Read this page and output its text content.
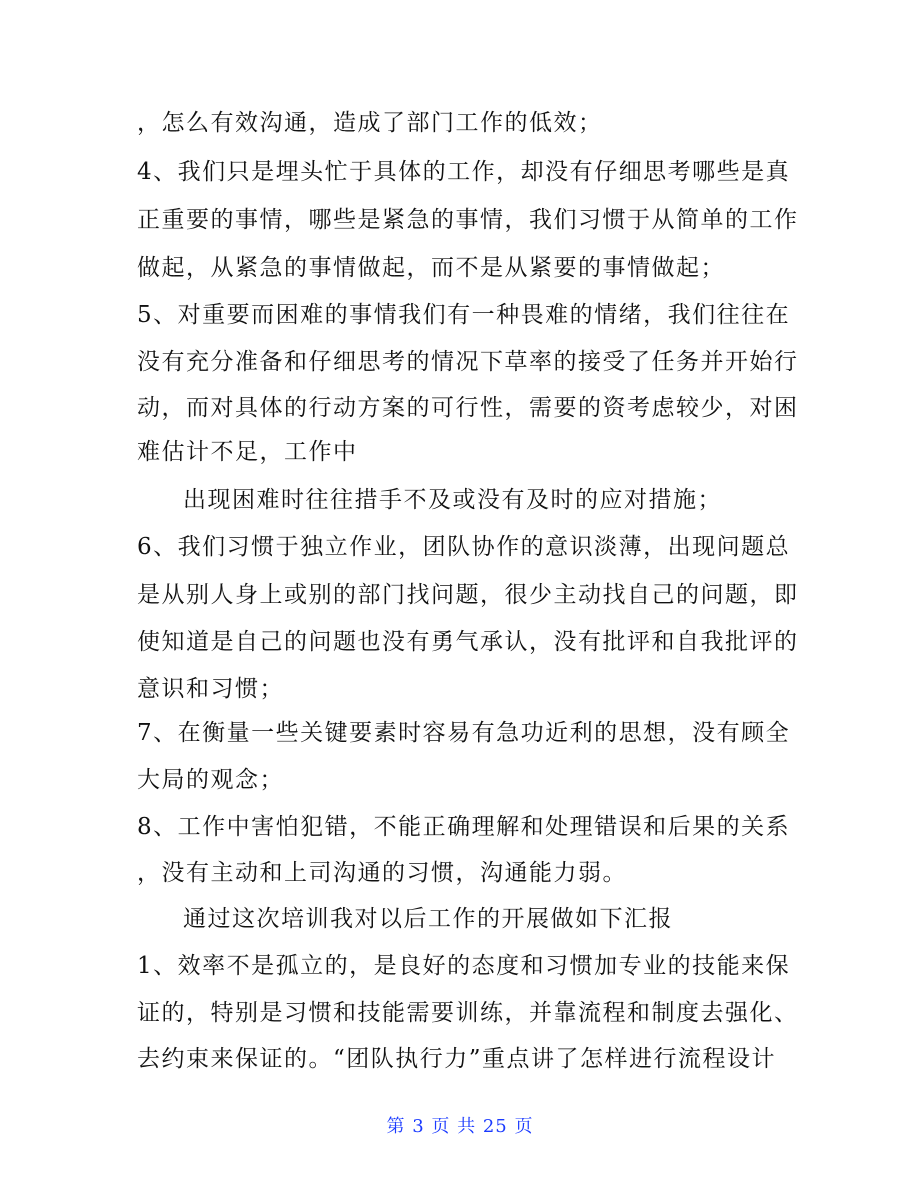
，怎么有效沟通，造成了部门工作的低效；
4、我们只是埋头忙于具体的工作，却没有仔细思考哪些是真
正重要的事情，哪些是紧急的事情，我们习惯于从简单的工作
做起，从紧急的事情做起，而不是从紧要的事情做起；
5、对重要而困难的事情我们有一种畏难的情绪，我们往往在
没有充分准备和仔细思考的情况下草率的接受了任务并开始行
动，而对具体的行动方案的可行性，需要的资考虑较少，对困
难估计不足，工作中
出现困难时往往措手不及或没有及时的应对措施；
6、我们习惯于独立作业，团队协作的意识淡薄，出现问题总
是从别人身上或别的部门找问题，很少主动找自己的问题，即
使知道是自己的问题也没有勇气承认，没有批评和自我批评的
意识和习惯；
7、在衡量一些关键要素时容易有急功近利的思想，没有顾全
大局的观念；
8、工作中害怕犯错，不能正确理解和处理错误和后果的关系
，没有主动和上司沟通的习惯，沟通能力弱。
通过这次培训我对以后工作的开展做如下汇报
1、效率不是孤立的，是良好的态度和习惯加专业的技能来保
证的，特别是习惯和技能需要训练，并靠流程和制度去强化、
去约束来保证的。“团队执行力”重点讲了怎样进行流程设计
第 3 页 共 25 页
